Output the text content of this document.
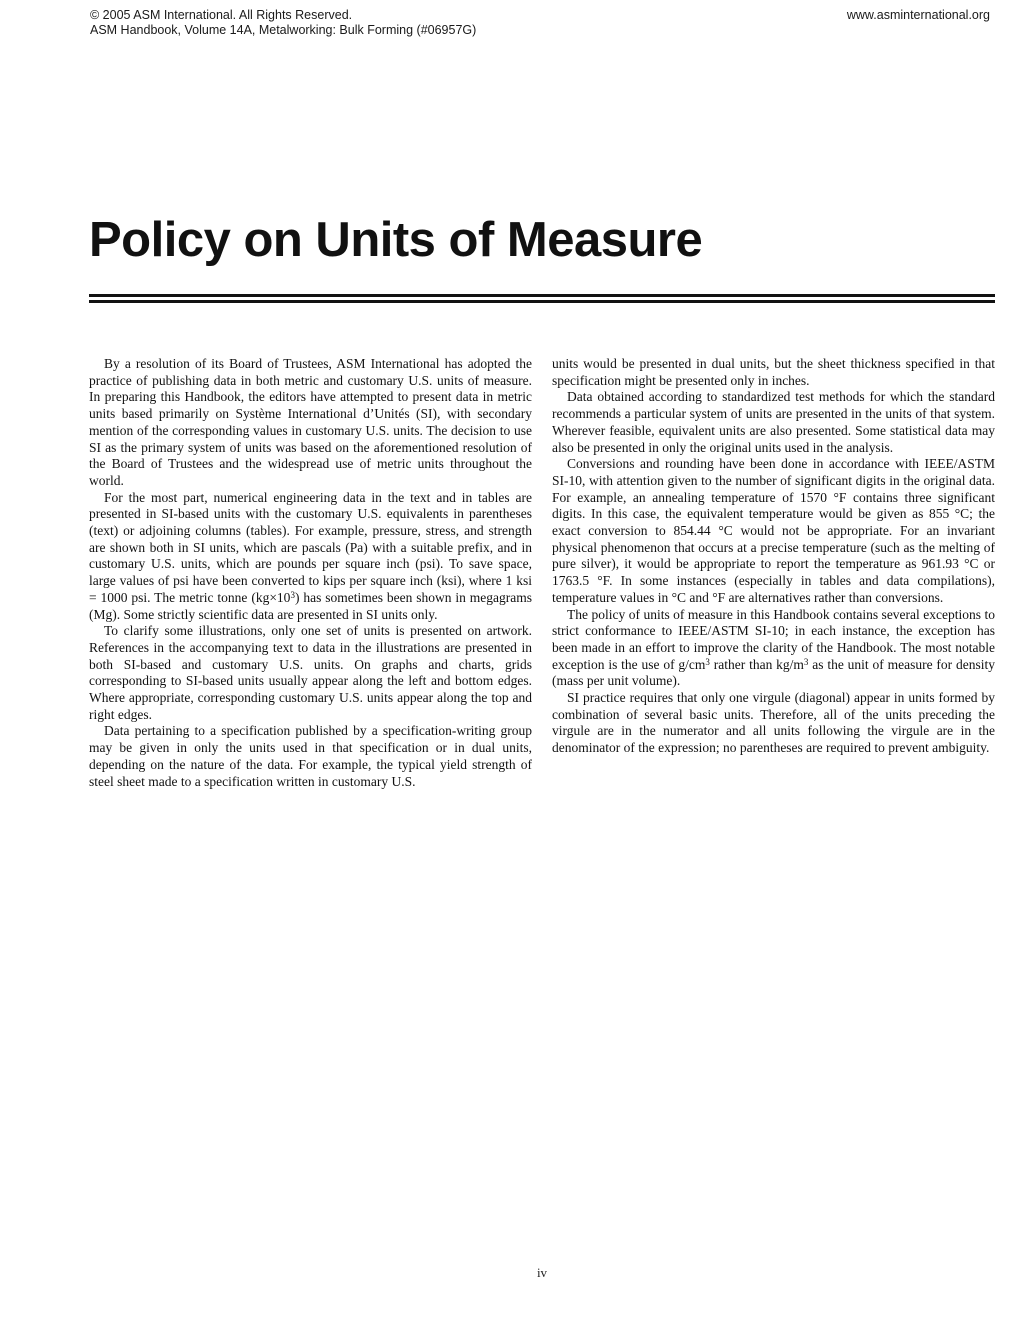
© 2005 ASM International. All Rights Reserved.
ASM Handbook, Volume 14A, Metalworking: Bulk Forming (#06957G)
www.asminternational.org
Policy on Units of Measure

By a resolution of its Board of Trustees, ASM International has adopted the practice of publishing data in both metric and customary U.S. units of measure. In preparing this Handbook, the editors have attempted to present data in metric units based primarily on Système International d’Unités (SI), with secondary mention of the corresponding values in customary U.S. units. The decision to use SI as the primary system of units was based on the aforementioned resolution of the Board of Trustees and the widespread use of metric units throughout the world.

For the most part, numerical engineering data in the text and in tables are presented in SI-based units with the customary U.S. equivalents in parentheses (text) or adjoining columns (tables). For example, pressure, stress, and strength are shown both in SI units, which are pascals (Pa) with a suitable prefix, and in customary U.S. units, which are pounds per square inch (psi). To save space, large values of psi have been converted to kips per square inch (ksi), where 1 ksi = 1000 psi. The metric tonne $(kg\times 10^3)$ has sometimes been shown in megagrams (Mg). Some strictly scientific data are presented in SI units only.

To clarify some illustrations, only one set of units is presented on artwork. References in the accompanying text to data in the illustrations are presented in both SI-based and customary U.S. units. On graphs and charts, grids corresponding to SI-based units usually appear along the left and bottom edges. Where appropriate, corresponding customary U.S. units appear along the top and right edges.

Data pertaining to a specification published by a specification-writing group may be given in only the units used in that specification or in dual units, depending on the nature of the data. For example, the typical yield strength of steel sheet made to a specification written in customary U.S.

units would be presented in dual units, but the sheet thickness specified in that specification might be presented only in inches.

Data obtained according to standardized test methods for which the standard recommends a particular system of units are presented in the units of that system. Wherever feasible, equivalent units are also presented. Some statistical data may also be presented in only the original units used in the analysis.

Conversions and rounding have been done in accordance with IEEE/ASTM SI-10, with attention given to the number of significant digits in the original data. For example, an annealing temperature of 1570 °F contains three significant digits. In this case, the equivalent temperature would be given as 855 °C; the exact conversion to 854.44 °C would not be appropriate. For an invariant physical phenomenon that occurs at a precise temperature (such as the melting of pure silver), it would be appropriate to report the temperature as 961.93 °C or 1763.5 °F. In some instances (especially in tables and data compilations), temperature values in °C and °F are alternatives rather than conversions.

The policy of units of measure in this Handbook contains several exceptions to strict conformance to IEEE/ASTM SI-10; in each instance, the exception has been made in an effort to improve the clarity of the Handbook. The most notable exception is the use of $g/cm^3$ rather than $kg/m^3$ as the unit of measure for density (mass per unit volume).

SI practice requires that only one virgule (diagonal) appear in units formed by combination of several basic units. Therefore, all of the units preceding the virgule are in the numerator and all units following the virgule are in the denominator of the expression; no parentheses are required to prevent ambiguity.

iv
